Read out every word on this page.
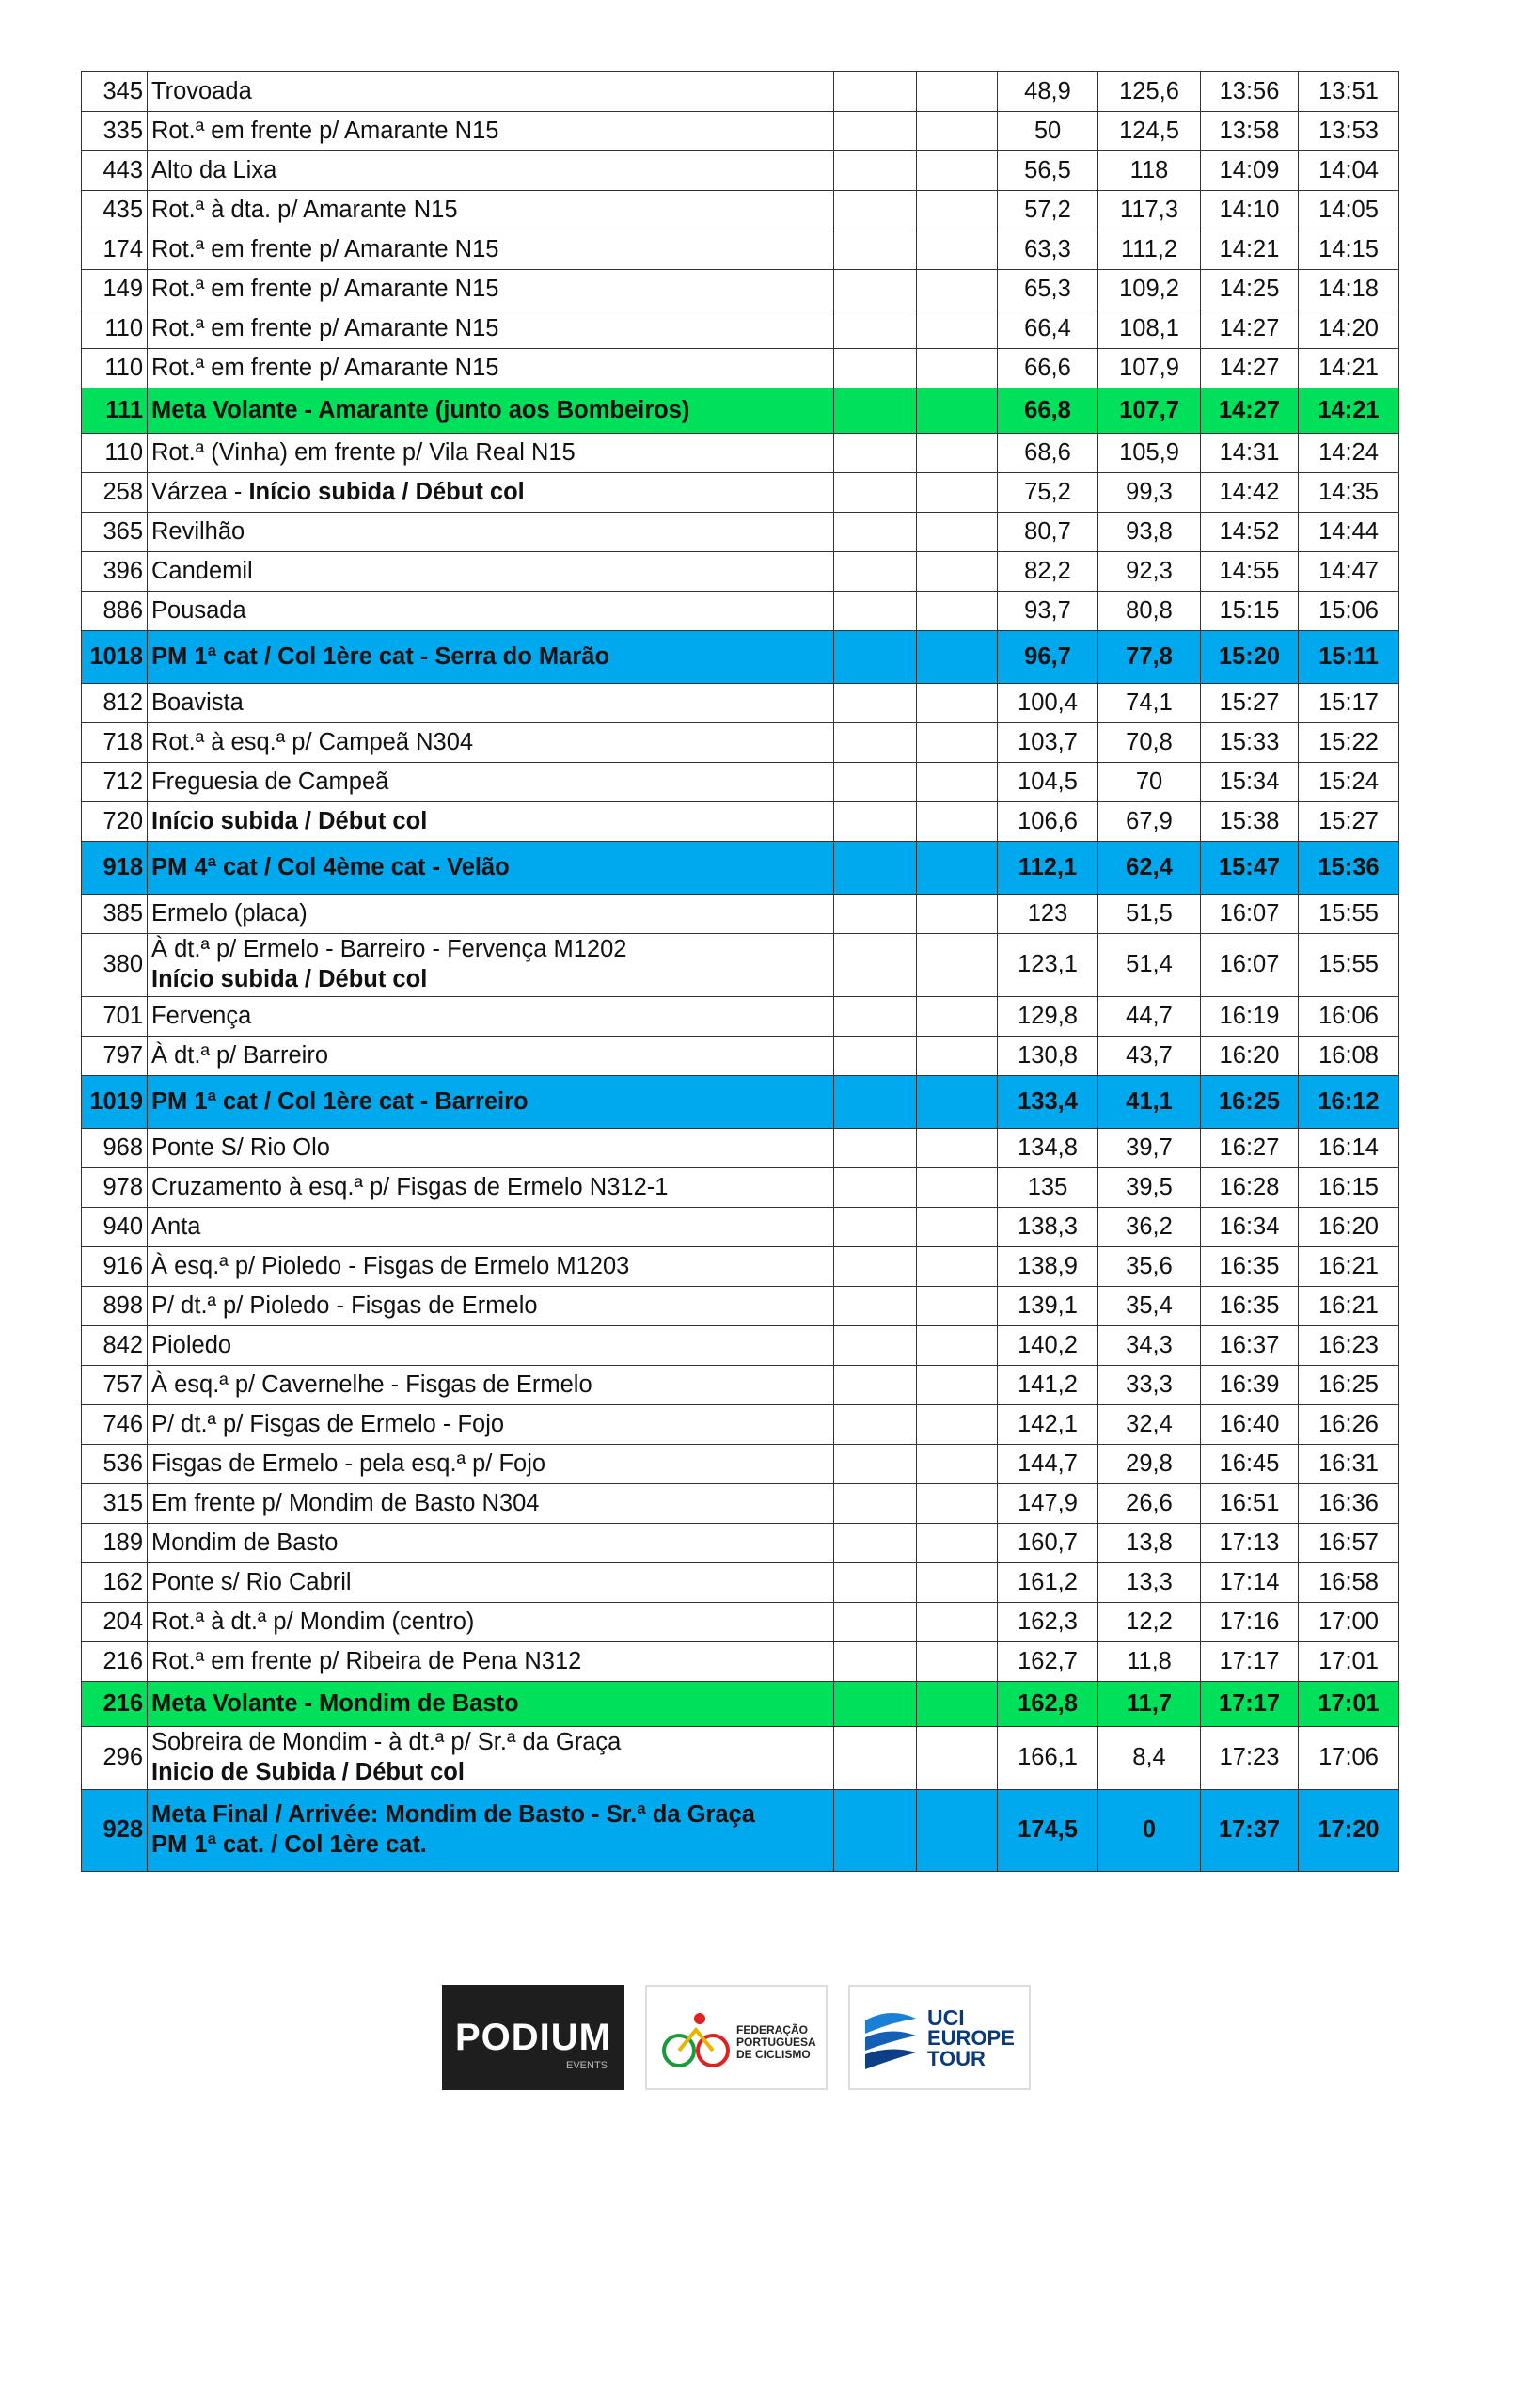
345	Trovoada			48,9	125,6	13:56	13:51
335	Rot.ª em frente p/ Amarante N15			50	124,5	13:58	13:53
443	Alto da Lixa			56,5	118	14:09	14:04
435	Rot.ª à dta. p/ Amarante N15			57,2	117,3	14:10	14:05
174	Rot.ª em frente p/ Amarante N15			63,3	111,2	14:21	14:15
149	Rot.ª em frente p/ Amarante N15			65,3	109,2	14:25	14:18
110	Rot.ª em frente p/ Amarante N15			66,4	108,1	14:27	14:20
110	Rot.ª em frente p/ Amarante N15			66,6	107,9	14:27	14:21
111	Meta Volante - Amarante (junto aos Bombeiros)			66,8	107,7	14:27	14:21
110	Rot.ª (Vinha) em frente p/ Vila Real N15			68,6	105,9	14:31	14:24
258	Várzea - Início subida / Début col			75,2	99,3	14:42	14:35
365	Revilhão			80,7	93,8	14:52	14:44
396	Candemil			82,2	92,3	14:55	14:47
886	Pousada			93,7	80,8	15:15	15:06
1018	PM 1ª cat / Col 1ère cat - Serra do Marão			96,7	77,8	15:20	15:11
812	Boavista			100,4	74,1	15:27	15:17
718	Rot.ª à esq.ª p/ Campeã N304			103,7	70,8	15:33	15:22
712	Freguesia de Campeã			104,5	70	15:34	15:24
720	Início subida / Début col			106,6	67,9	15:38	15:27
918	PM 4ª cat / Col 4ème cat - Velão			112,1	62,4	15:47	15:36
385	Ermelo (placa)			123	51,5	16:07	15:55
380	À dt.ª p/ Ermelo - Barreiro - Fervença M1202
Início subida / Début col			123,1	51,4	16:07	15:55
701	Fervença			129,8	44,7	16:19	16:06
797	À dt.ª p/ Barreiro			130,8	43,7	16:20	16:08
1019	PM 1ª cat / Col 1ère cat - Barreiro			133,4	41,1	16:25	16:12
968	Ponte S/ Rio Olo			134,8	39,7	16:27	16:14
978	Cruzamento à esq.ª p/ Fisgas de Ermelo N312-1			135	39,5	16:28	16:15
940	Anta			138,3	36,2	16:34	16:20
916	À esq.ª p/ Pioledo - Fisgas de Ermelo M1203			138,9	35,6	16:35	16:21
898	P/ dt.ª p/ Pioledo - Fisgas de Ermelo			139,1	35,4	16:35	16:21
842	Pioledo			140,2	34,3	16:37	16:23
757	À esq.ª p/ Cavernelhe - Fisgas de Ermelo			141,2	33,3	16:39	16:25
746	P/ dt.ª p/ Fisgas de Ermelo - Fojo			142,1	32,4	16:40	16:26
536	Fisgas de Ermelo - pela esq.ª p/ Fojo			144,7	29,8	16:45	16:31
315	Em frente p/ Mondim de Basto N304			147,9	26,6	16:51	16:36
189	Mondim de Basto			160,7	13,8	17:13	16:57
162	Ponte s/ Rio Cabril			161,2	13,3	17:14	16:58
204	Rot.ª à dt.ª p/ Mondim (centro)			162,3	12,2	17:16	17:00
216	Rot.ª em frente p/ Ribeira de Pena N312			162,7	11,8	17:17	17:01
216	Meta Volante - Mondim de Basto			162,8	11,7	17:17	17:01
296	Sobreira de Mondim - à dt.ª p/ Sr.ª da Graça
Inicio de Subida / Début col			166,1	8,4	17:23	17:06
928	Meta Final / Arrivée: Mondim de Basto - Sr.ª da Graça
PM 1ª cat. / Col 1ère cat.			174,5	0	17:37	17:20
PODIUM
EVENTS
FEDERAÇÃO
PORTUGUESA
DE CICLISMO
UCI
EUROPE
TOUR
